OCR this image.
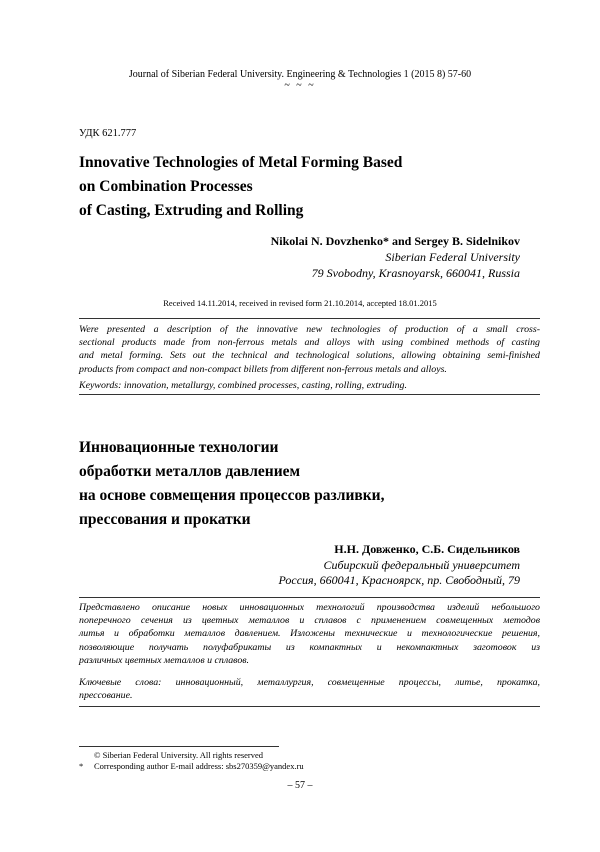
Journal of Siberian Federal University. Engineering & Technologies 1 (2015 8) 57-60
~ ~ ~
УДК 621.777
Innovative Technologies of Metal Forming Based
on Combination Processes
of Casting, Extruding and Rolling
Nikolai N. Dovzhenko* and Sergey B. Sidelnikov
Siberian Federal University
79 Svobodny, Krasnoyarsk, 660041, Russia
Received 14.11.2014, received in revised form 21.10.2014, accepted 18.01.2015
Were presented a description of the innovative new technologies of production of a small cross-
sectional products made from non-ferrous metals and alloys with using combined methods of casting
and metal forming. Sets out the technical and technological solutions, allowing obtaining semi-finished
products from compact and non-compact billets from different non-ferrous metals and alloys.
Keywords: innovation, metallurgy, combined processes, casting, rolling, extruding.
Инновационные технологии
обработки металлов давлением
на основе совмещения процессов разливки,
прессования и прокатки
Н.Н. Довженко, С.Б. Сидельников
Сибирский федеральный университет
Россия, 660041, Красноярск, пр. Свободный, 79
Представлено описание новых инновационных технологий производства изделий небольшого
поперечного сечения из цветных металлов и сплавов с применением совмещенных методов
литья и обработки металлов давлением. Изложены технические и технологические решения,
позволяющие получать полуфабрикаты из компактных и некомпактных заготовок из
различных цветных металлов и сплавов.
Ключевые слова: инновационный, металлургия, совмещенные процессы, литье, прокатка,
прессование.
© Siberian Federal University. All rights reserved
* Corresponding author E-mail address: sbs270359@yandex.ru
– 57 –
